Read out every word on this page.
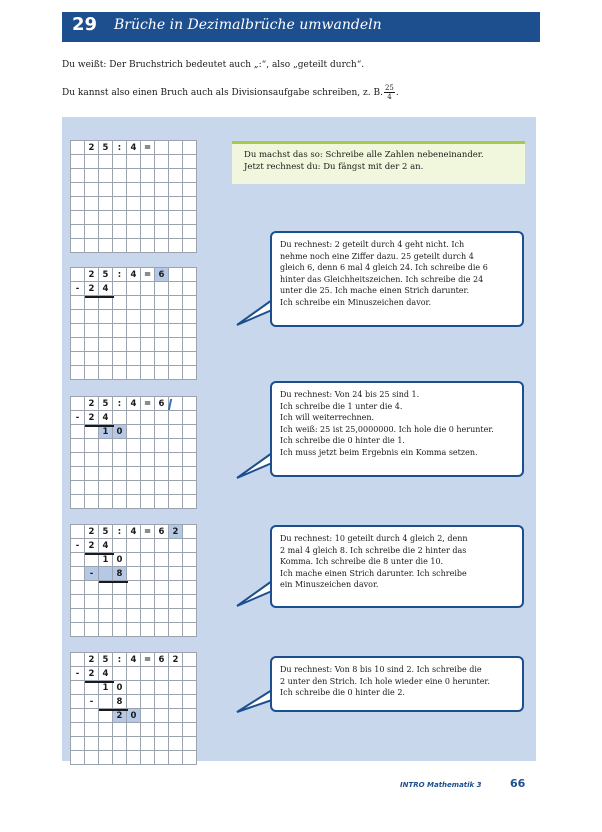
29 Brüche in Dezimalbrüche umwandeln
Du weißt: Der Bruchstrich bedeutet auch „:“, also „geteilt durch“.
Du kannst also einen Bruch auch als Divisionsaufgabe schreiben, z. B. $\frac{25}{4}$ .
Du machst das so: Schreibe alle Zahlen nebeneinander.
Jetzt rechnest du: Du fängst mit der 2 an.
2 5	:	4 =
2 5	:	4 = 6
-	2 4
Du rechnest: 2 geteilt durch 4 geht nicht. Ich
nehme noch eine Ziffer dazu. 25 geteilt durch 4
gleich 6, denn 6 mal 4 gleich 24. Ich schreibe die 6
hinter das Gleichheitszeichen. Ich schreibe die 24
unter die 25. Ich mache einen Strich darunter.
Ich schreibe ein Minuszeichen davor.
2 5	:	4 = 6
-	2 4
1 0
Du rechnest: Von 24 bis 25 sind 1.
Ich schreibe die 1 unter die 4.
Ich will weiterrechnen.
Ich weiß: 25 ist 25,0000000. Ich hole die 0 herunter.
Ich schreibe die 0 hinter die 1.
Ich muss jetzt beim Ergebnis ein Komma setzen.
2 5	:	4 = 6 2
-	2 4
1 0
-	8
Du rechnest: 10 geteilt durch 4 gleich 2, denn
2 mal 4 gleich 8. Ich schreibe die 2 hinter das
Komma. Ich schreibe die 8 unter die 10.
Ich mache einen Strich darunter. Ich schreibe
ein Minuszeichen davor.
2 5	:	4 = 6 2
-	2 4
1 0
-	8
2 0
Du rechnest: Von 8 bis 10 sind 2. Ich schreibe die
2 unter den Strich. Ich hole wieder eine 0 herunter.
Ich schreibe die 0 hinter die 2.
INTRO Mathematik 3	66
